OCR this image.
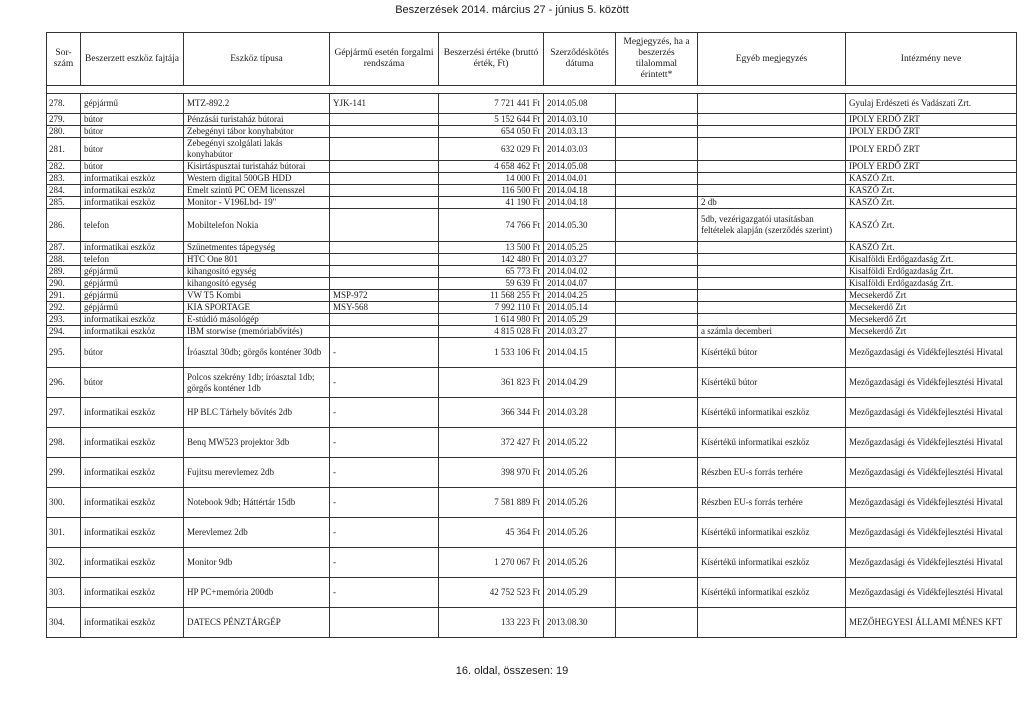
Beszerzések 2014. március 27 - június 5. között
Sor-
szám	Beszerzett eszköz fajtája	Eszköz típusa	Gépjármű esetén forgalmi rendszáma	Beszerzési értéke (bruttó érték, Ft)	Szerződéskötés dátuma	Megjegyzés, ha a beszerzés tilalommal érintett*	Egyéb megjegyzés	Intézmény neve

278.	gépjármű	MTZ-892.2	YJK-141	7 721 441 Ft	2014.05.08			Gyulaj Erdészeti és Vadászati Zrt.
279.	bútor	Pénzásái turistaház bútorai		5 152 644 Ft	2014.03.10			IPOLY ERDŐ ZRT
280.	bútor	Zebegényi tábor konyhabútor		654 050 Ft	2014.03.13			IPOLY ERDŐ ZRT
281.	bútor	Zebegényi szolgálati lakás konyhabútor		632 029 Ft	2014.03.03			IPOLY ERDŐ ZRT
282.	bútor	Kisirtáspusztai turistaház bútorai		4 658 462 Ft	2014.05.08			IPOLY ERDŐ ZRT
283.	informatikai eszköz	Western digital 500GB HDD		14 000 Ft	2014.04.01			KASZÓ Zrt.
284.	informatikai eszköz	Emelt szintű PC OEM licensszel		116 500 Ft	2014.04.18			KASZÓ Zrt.
285.	informatikai eszköz	Monitor - V196Lbd- 19"		41 190 Ft	2014.04.18		2 db	KASZÓ Zrt.
286.	telefon	Mobiltelefon Nokia		74 766 Ft	2014.05.30		5db, vezérigazgatói utasításban feltételek alapján (szerződés szerint)	KASZÓ Zrt.
287.	informatikai eszköz	Szünetmentes tápegység		13 500 Ft	2014.05.25			KASZÓ Zrt.
288.	telefon	HTC One 801		142 480 Ft	2014.03.27			Kisalföldi Erdőgazdaság Zrt.
289.	gépjármű	kihangosító egység		65 773 Ft	2014.04.02			Kisalföldi Erdőgazdaság Zrt.
290.	gépjármű	kihangosító egység		59 639 Ft	2014.04.07			Kisalföldi Erdőgazdaság Zrt.
291.	gépjármű	VW T5 Kombi	MSP-972	11 568 255 Ft	2014.04.25			Mecsekerdő Zrt
292.	gépjármű	KIA SPORTAGE	MSY-568	7 992 110 Ft	2014.05.14			Mecsekerdő Zrt
293.	informatikai eszköz	E-stúdió másológép		1 614 980 Ft	2014.05.29			Mecsekerdő Zrt
294.	informatikai eszköz	IBM storwise (memóriabővítés)		4 815 028 Ft	2014.03.27		a számla decemberi	Mecsekerdő Zrt
295.	bútor	Íróasztal 30db; görgős konténer 30db	-	1 533 106 Ft	2014.04.15		Kísértékű bútor	Mezőgazdasági és Vidékfejlesztési Hivatal
296.	bútor	Polcos szekrény 1db; íróasztal 1db; görgős konténer 1db	-	361 823 Ft	2014.04.29		Kísértékű bútor	Mezőgazdasági és Vidékfejlesztési Hivatal
297.	informatikai eszköz	HP BLC Tárhely bővítés 2db	-	366 344 Ft	2014.03.28		Kísértékű informatikai eszköz	Mezőgazdasági és Vidékfejlesztési Hivatal
298.	informatikai eszköz	Benq MW523 projektor 3db	-	372 427 Ft	2014.05.22		Kísértékű informatikai eszköz	Mezőgazdasági és Vidékfejlesztési Hivatal
299.	informatikai eszköz	Fujitsu merevlemez 2db	-	398 970 Ft	2014.05.26		Részben EU-s forrás terhére	Mezőgazdasági és Vidékfejlesztési Hivatal
300.	informatikai eszköz	Notebook 9db; Háttértár 15db	-	7 581 889 Ft	2014.05.26		Részben EU-s forrás terhére	Mezőgazdasági és Vidékfejlesztési Hivatal
301.	informatikai eszköz	Merevlemez 2db	-	45 364 Ft	2014.05.26		Kísértékű informatikai eszköz	Mezőgazdasági és Vidékfejlesztési Hivatal
302.	informatikai eszköz	Monitor 9db	-	1 270 067 Ft	2014.05.26		Kísértékű informatikai eszköz	Mezőgazdasági és Vidékfejlesztési Hivatal
303.	informatikai eszköz	HP PC+memória 200db	-	42 752 523 Ft	2014.05.29		Kísértékű informatikai eszköz	Mezőgazdasági és Vidékfejlesztési Hivatal
304.	informatikai eszköz	DATECS PÉNZTÁRGÉP		133 223 Ft	2013.08.30			MEZŐHEGYESI ÁLLAMI MÉNES KFT
16. oldal, összesen: 19
